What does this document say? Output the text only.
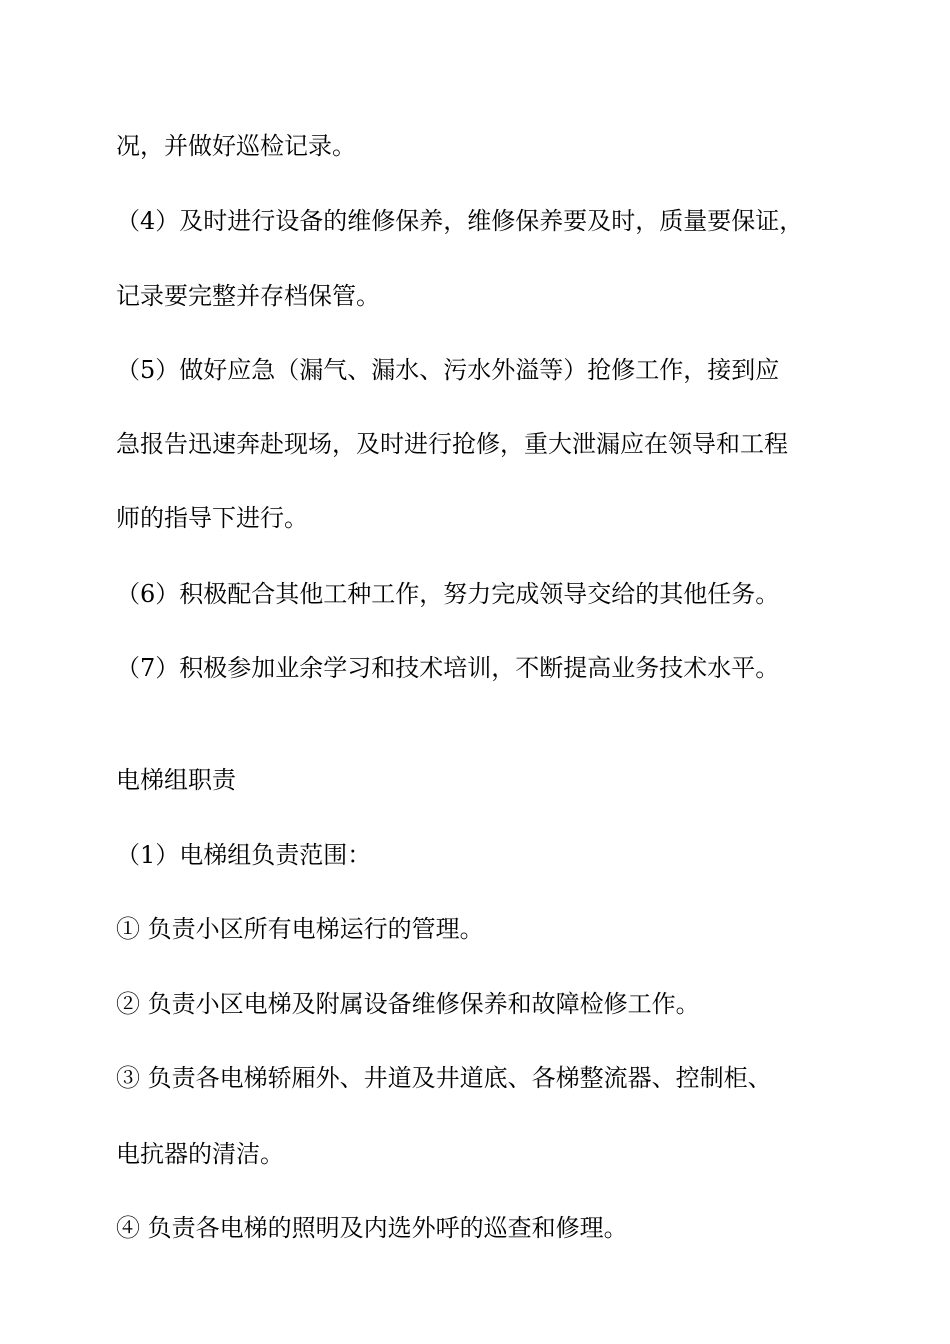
况，并做好巡检记录。
（4）及时进行设备的维修保养，维修保养要及时，质量要保证，
记录要完整并存档保管。
（5）做好应急（漏气、漏水、污水外溢等）抢修工作，接到应
急报告迅速奔赴现场，及时进行抢修，重大泄漏应在领导和工程
师的指导下进行。
（6）积极配合其他工种工作，努力完成领导交给的其他任务。
（7）积极参加业余学习和技术培训，不断提高业务技术水平。
电梯组职责
（1）电梯组负责范围：
① 负责小区所有电梯运行的管理。
② 负责小区电梯及附属设备维修保养和故障检修工作。
③ 负责各电梯轿厢外、井道及井道底、各梯整流器、控制柜、
电抗器的清洁。
④ 负责各电梯的照明及内选外呼的巡查和修理。
